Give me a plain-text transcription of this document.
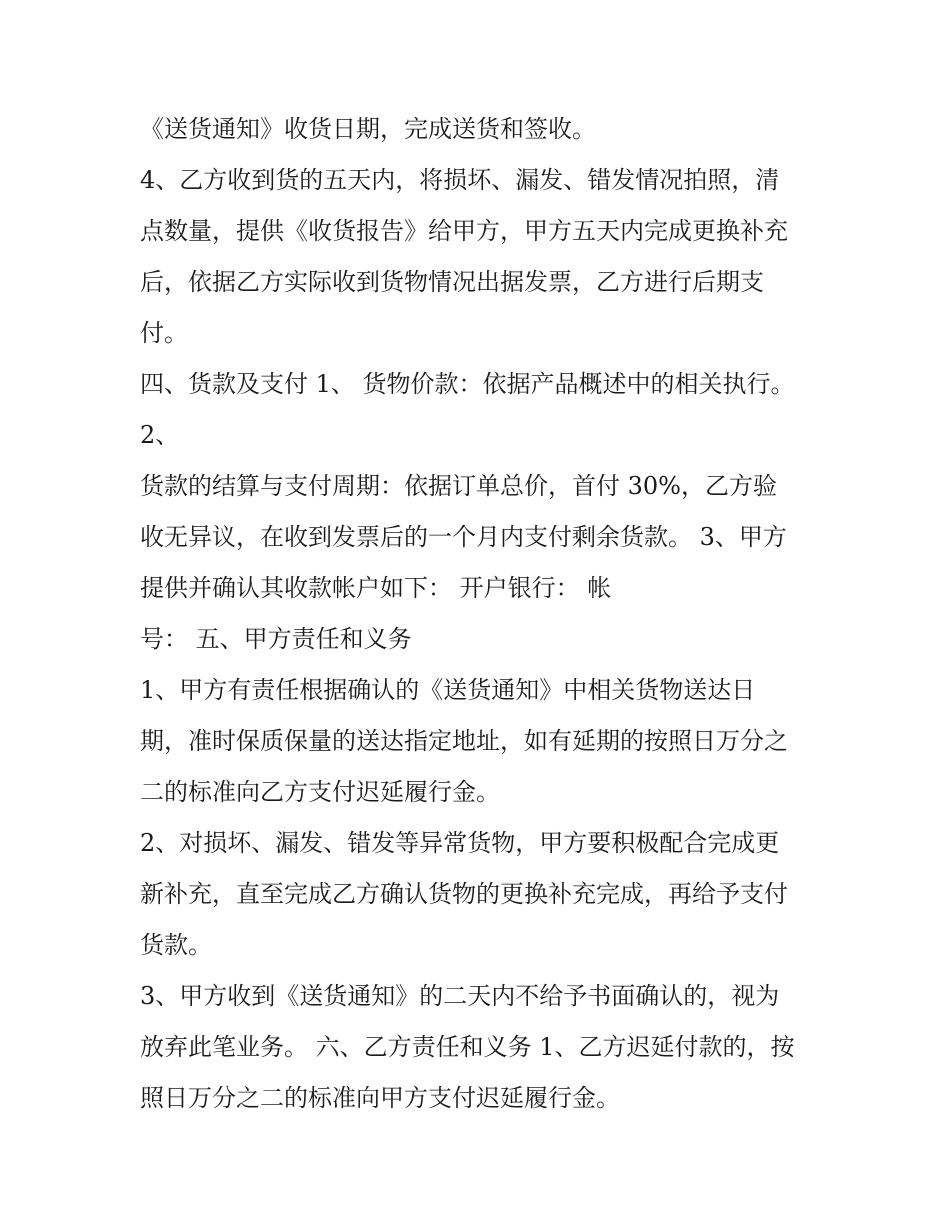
《送货通知》收货日期，完成送货和签收。
4、乙方收到货的五天内，将损坏、漏发、错发情况拍照，清
点数量，提供《收货报告》给甲方，甲方五天内完成更换补充
后，依据乙方实际收到货物情况出据发票，乙方进行后期支
付。
四、货款及支付 1、 货物价款：依据产品概述中的相关执行。
2、
货款的结算与支付周期：依据订单总价，首付 30%，乙方验
收无异议，在收到发票后的一个月内支付剩余货款。 3、甲方
提供并确认其收款帐户如下： 开户银行： 帐
号： 五、甲方责任和义务
1、甲方有责任根据确认的《送货通知》中相关货物送达日
期，准时保质保量的送达指定地址，如有延期的按照日万分之
二的标准向乙方支付迟延履行金。
2、对损坏、漏发、错发等异常货物，甲方要积极配合完成更
新补充，直至完成乙方确认货物的更换补充完成，再给予支付
货款。
3、甲方收到《送货通知》的二天内不给予书面确认的，视为
放弃此笔业务。 六、乙方责任和义务 1、乙方迟延付款的，按
照日万分之二的标准向甲方支付迟延履行金。
